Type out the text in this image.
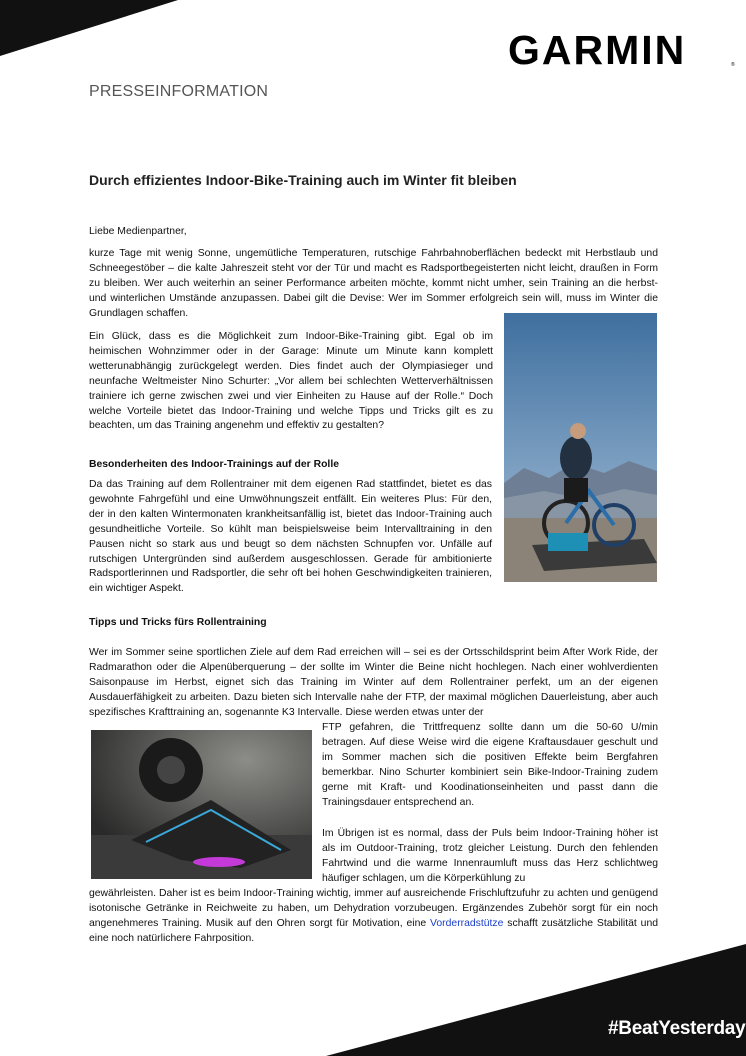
GARMIN	®
PRESSEINFORMATION
Durch effizientes Indoor-Bike-Training auch im Winter fit bleiben
Liebe Medienpartner,

kurze Tage mit wenig Sonne, ungemütliche Temperaturen, rutschige Fahrbahnoberflächen bedeckt mit Herbstlaub und Schneegestöber – die kalte Jahreszeit steht vor der Tür und macht es Radsportbegeisterten nicht leicht, draußen in Form zu bleiben. Wer auch weiterhin an seiner Performance arbeiten möchte, kommt nicht umher, sein Training an die herbst- und winterlichen Umstände anzupassen. Dabei gilt die Devise: Wer im Sommer erfolgreich sein will, muss im Winter die Grundlagen schaffen.

Ein Glück, dass es die Möglichkeit zum Indoor-Bike-Training gibt. Egal ob im heimischen Wohnzimmer oder in der Garage: Minute um Minute kann komplett wetterunabhängig zurückgelegt werden. Dies findet auch der Olympiasieger und neunfache Weltmeister Nino Schurter: „Vor allem bei schlechten Wetterverhältnissen trainiere ich gerne zwischen zwei und vier Einheiten zu Hause auf der Rolle.“ Doch welche Vorteile bietet das Indoor-Training und welche Tipps und Tricks gilt es zu beachten, um das Training angenehm und effektiv zu gestalten?

Besonderheiten des Indoor-Trainings auf der Rolle

Da das Training auf dem Rollentrainer mit dem eigenen Rad stattfindet, bietet es das gewohnte Fahrgefühl und eine Umwöhnungszeit entfällt. Ein weiteres Plus: Für den, der in den kalten Wintermonaten krankheitsanfällig ist, bietet das Indoor-Training auch gesundheitliche Vorteile. So kühlt man beispielsweise beim Intervalltraining in den Pausen nicht so stark aus und beugt so dem nächsten Schnupfen vor. Unfälle auf rutschigen Untergründen sind außerdem ausgeschlossen. Gerade für ambitionierte Radsportlerinnen und Radsportler, die sehr oft bei hohen Geschwindigkeiten trainieren, ein wichtiger Aspekt.

Tipps und Tricks fürs Rollentraining

Wer im Sommer seine sportlichen Ziele auf dem Rad erreichen will – sei es der Ortsschildsprint beim After Work Ride, der Radmarathon oder die Alpenüberquerung – der sollte im Winter die Beine nicht hochlegen. Nach einer wohlverdienten Saisonpause im Herbst, eignet sich das Training im Winter auf dem Rollentrainer perfekt, um an der eigenen Ausdauerfähigkeit zu arbeiten. Dazu bieten sich Intervalle nahe der FTP, der maximal möglichen Dauerleistung, aber auch spezifisches Krafttraining an, sogenannte K3 Intervalle. Diese werden etwas unter der

FTP gefahren, die Trittfrequenz sollte dann um die 50-60 U/min betragen. Auf diese Weise wird die eigene Kraftausdauer geschult und im Sommer machen sich die positiven Effekte beim Bergfahren bemerkbar. Nino Schurter kombiniert sein Bike-Indoor-Training zudem gerne mit Kraft- und Koodinationseinheiten und passt dann die Trainingsdauer entsprechend an.

Im Übrigen ist es normal, dass der Puls beim Indoor-Training höher ist als im Outdoor-Training, trotz gleicher Leistung. Durch den fehlenden Fahrtwind und die warme Innenraumluft muss das Herz schlichtweg häufiger schlagen, um die Körperkühlung zu

gewährleisten. Daher ist es beim Indoor-Training wichtig, immer auf ausreichende Frischluftzufuhr zu achten und genügend isotonische Getränke in Reichweite zu haben, um Dehydration vorzubeugen. Ergänzendes Zubehör sorgt für ein noch angenehmeres Training. Musik auf den Ohren sorgt für Motivation, eine Vorderradstütze schafft zusätzliche Stabilität und eine noch natürlichere Fahrposition.

#BeatYesterday
